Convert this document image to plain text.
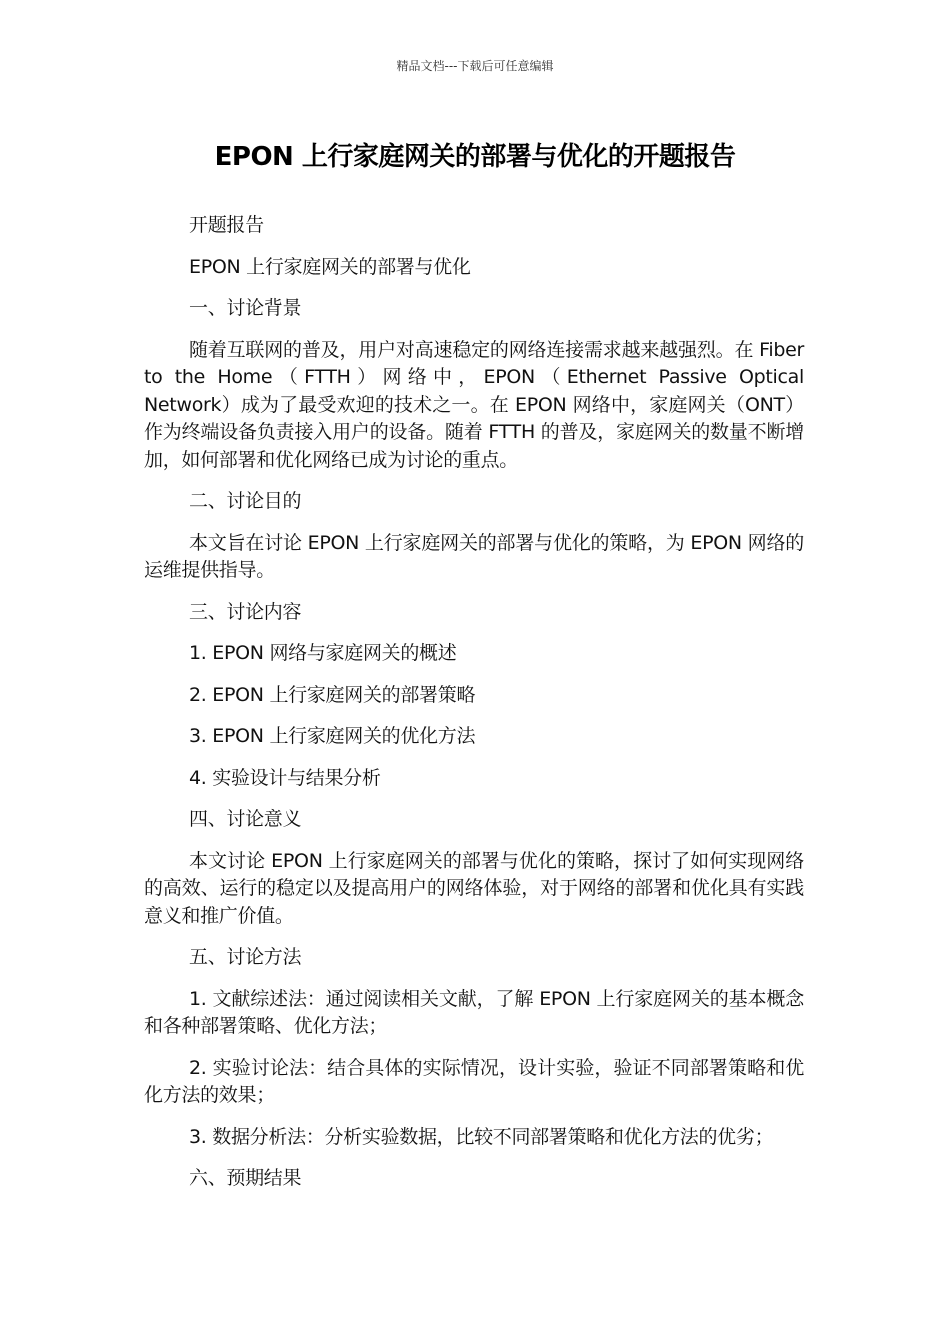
精品文档---下载后可任意编辑
EPON 上行家庭网关的部署与优化的开题报告

开题报告

EPON 上行家庭网关的部署与优化

一、讨论背景

随着互联网的普及，用户对高速稳定的网络连接需求越来越强烈。在 Fiber to the Home（FTTH）网络中，EPON（Ethernet Passive Optical Network）成为了最受欢迎的技术之一。在 EPON 网络中，家庭网关（ONT）作为终端设备负责接入用户的设备。随着 FTTH 的普及，家庭网关的数量不断增加，如何部署和优化网络已成为讨论的重点。

二、讨论目的

本文旨在讨论 EPON 上行家庭网关的部署与优化的策略，为 EPON 网络的运维提供指导。

三、讨论内容

1. EPON 网络与家庭网关的概述

2. EPON 上行家庭网关的部署策略

3. EPON 上行家庭网关的优化方法

4. 实验设计与结果分析

四、讨论意义

本文讨论 EPON 上行家庭网关的部署与优化的策略，探讨了如何实现网络的高效、运行的稳定以及提高用户的网络体验，对于网络的部署和优化具有实践意义和推广价值。

五、讨论方法

1. 文献综述法：通过阅读相关文献，了解 EPON 上行家庭网关的基本概念和各种部署策略、优化方法；

2. 实验讨论法：结合具体的实际情况，设计实验，验证不同部署策略和优化方法的效果；

3. 数据分析法：分析实验数据，比较不同部署策略和优化方法的优劣；

六、预期结果
